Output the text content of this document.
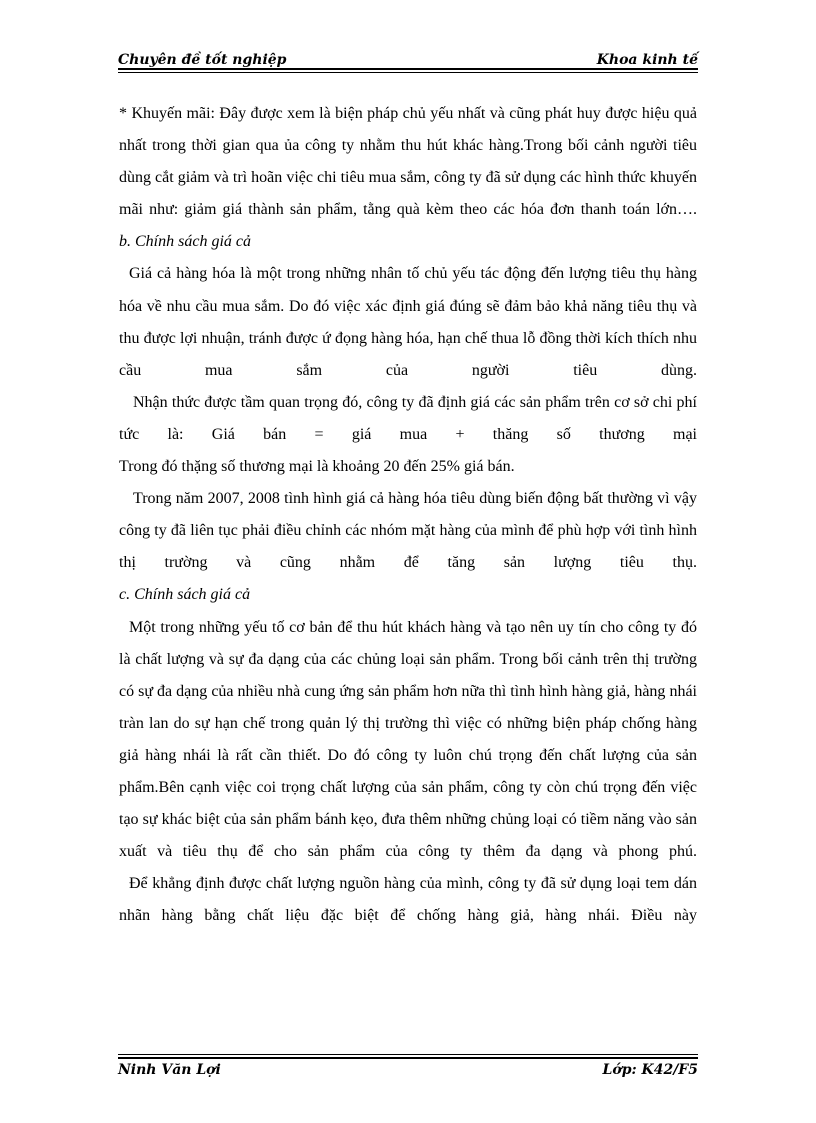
Chuyên đề tốt nghiệp	Khoa kinh tế

* Khuyến mãi: Đây được xem là biện pháp chủ yếu nhất và cũng phát huy được hiệu quả nhất trong thời gian qua ủa công ty nhằm thu hút khác hàng.Trong bối cảnh người tiêu dùng cắt giảm và trì hoãn việc chi tiêu mua sắm, công ty đã sử dụng các hình thức khuyến mãi như: giảm giá thành sản phẩm, tằng quà kèm theo các hóa đơn thanh toán lớn….

b. Chính sách giá cả

Giá cả hàng hóa là một trong những nhân tố chủ yếu tác động đến lượng tiêu thụ hàng hóa về nhu cầu mua sắm. Do đó việc xác định giá đúng sẽ đảm bảo khả năng tiêu thụ và thu được lợi nhuận, tránh được ứ đọng hàng hóa, hạn chế thua lỗ đồng thời kích thích nhu cầu mua sắm của người tiêu dùng.

Nhận thức được tầm quan trọng đó, công ty đã định giá các sản phẩm trên cơ sở chi phí tức là: Giá bán = giá mua + thăng số thương mại

Trong đó thặng số thương mại là khoảng 20 đến 25% giá bán.

Trong năm 2007, 2008 tình hình giá cả hàng hóa tiêu dùng biến động bất thường vì vậy công ty đã liên tục phải điều chỉnh các nhóm mặt hàng của mình để phù hợp với tình hình thị trường và cũng nhằm để tăng sản lượng tiêu thụ.

c. Chính sách giá cả

Một trong những yếu tố cơ bản để thu hút khách hàng và tạo nên uy tín cho công ty đó là chất lượng và sự đa dạng của các chủng loại sản phẩm. Trong bối cảnh trên thị trường có sự đa dạng của nhiều nhà cung ứng sản phẩm hơn nữa thì tình hình hàng giả, hàng nhái tràn lan do sự hạn chế trong quản lý thị trường thì việc có những biện pháp chống hàng giả hàng nhái là rất cần thiết. Do đó công ty luôn chú trọng đến chất lượng của sản phẩm.Bên cạnh việc coi trọng chất lượng của sản phẩm, công ty còn chú trọng đến việc tạo sự khác biệt của sản phẩm bánh kẹo, đưa thêm những chủng loại có tiềm năng vào sản xuất và tiêu thụ để cho sản phẩm của công ty thêm đa dạng và phong phú.

Để khẳng định được chất lượng nguồn hàng của mình, công ty đã sử dụng loại tem dán nhãn hàng bằng chất liệu đặc biệt để chống hàng giả, hàng nhái. Điều này

Ninh Văn Lợi	Lớp: K42/F5
